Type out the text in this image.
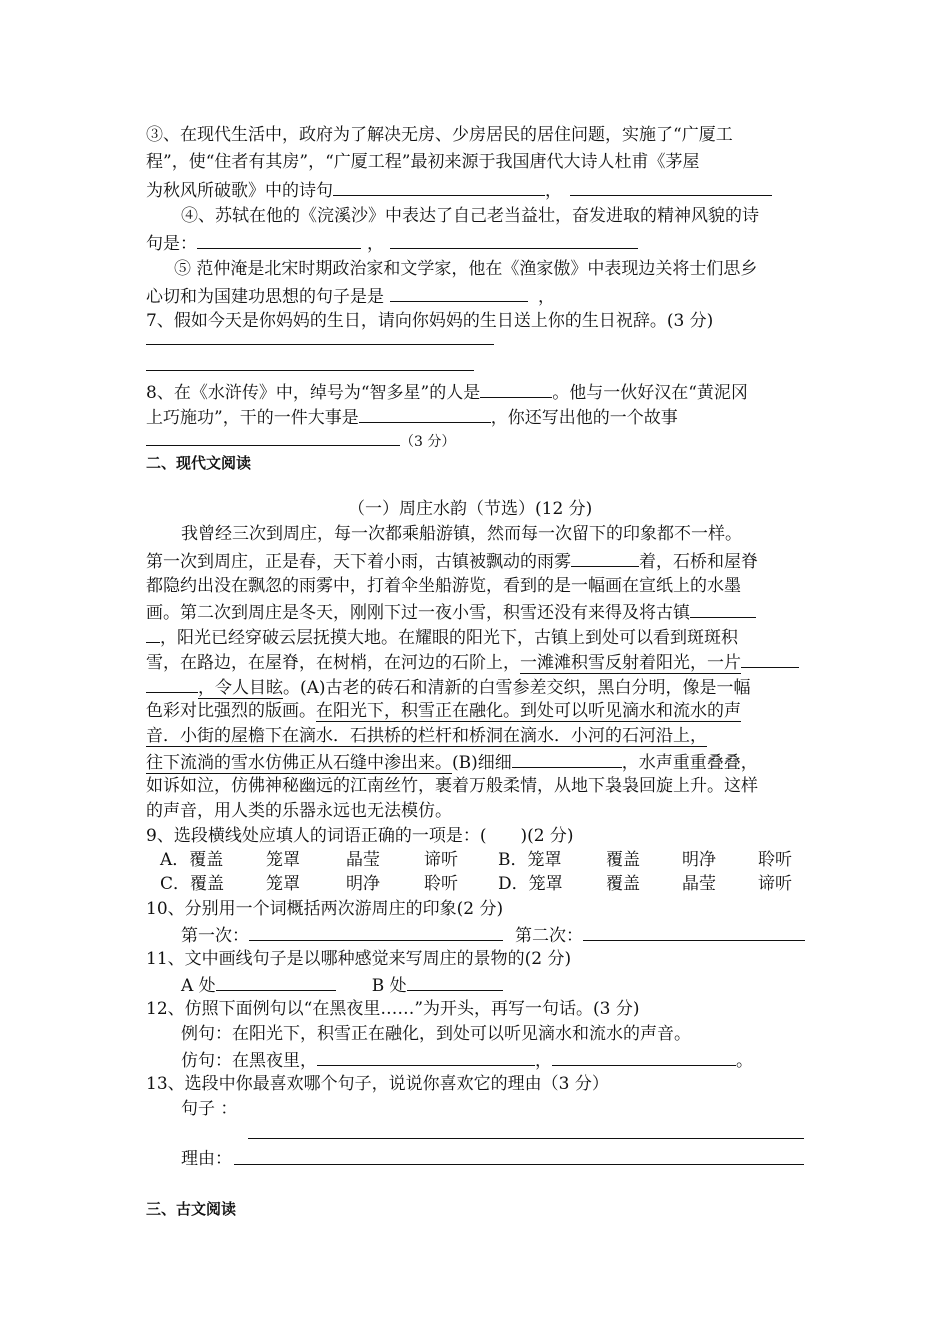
③、在现代生活中，政府为了解决无房、少房居民的居住问题，实施了“广厦工
程”，使“住者有其房”，“广厦工程”最初来源于我国唐代大诗人杜甫《茅屋
为秋风所破歌》中的诗句	，
④、苏轼在他的《浣溪沙》中表达了自己老当益壮，奋发进取的精神风貌的诗
句是：	，
⑤ 范仲淹是北宋时期政治家和文学家，他在《渔家傲》中表现边关将士们思乡
心切和为国建功思想的句子是是	，
7、假如今天是你妈妈的生日，请向你妈妈的生日送上你的生日祝辞。(3 分)
8、在《水浒传》中，绰号为“智多星”的人是	。他与一伙好汉在“黄泥冈
上巧施功”，干的一件大事是	，你还写出他的一个故事
（3 分）
二、现代文阅读
（一）周庄水韵（节选）(12 分)
我曾经三次到周庄，每一次都乘船游镇，然而每一次留下的印象都不一样。
第一次到周庄，正是春，天下着小雨，古镇被飘动的雨雾	着，石桥和屋脊
都隐约出没在飘忽的雨雾中，打着伞坐船游览，看到的是一幅画在宣纸上的水墨
画。第二次到周庄是冬天，刚刚下过一夜小雪，积雪还没有来得及将古镇
，阳光已经穿破云层抚摸大地。在耀眼的阳光下，古镇上到处可以看到斑斑积
雪，在路边，在屋脊，在树梢，在河边的石阶上，一滩滩积雪反射着阳光，一片
，令人目眩。(A)古老的砖石和清新的白雪参差交织，黑白分明，像是一幅
色彩对比强烈的版画。在阳光下，积雪正在融化。到处可以听见滴水和流水的声
音．小街的屋檐下在滴水．石拱桥的栏杆和桥洞在滴水．小河的石河沿上，
往下流淌的雪水仿佛正从石缝中渗出来。(B)细细	，水声重重叠叠，
如诉如泣，仿佛神秘幽远的江南丝竹，裹着万般柔情，从地下袅袅回旋上升。这样
的声音，用人类的乐器永远也无法模仿。
9、选段横线处应填人的词语正确的一项是：(　　)(2 分)
A．覆盖	笼罩	晶莹	谛听 B．笼罩	覆盖 明净 聆听
C．覆盖 笼罩	明净	聆听 D．笼罩	覆盖 晶莹 谛听
10、分别用一个词概括两次游周庄的印象(2 分)
第一次：	第二次：
11、文中画线句子是以哪种感觉来写周庄的景物的(2 分)
A 处	B 处
12、仿照下面例句以“在黑夜里……”为开头，再写一句话。(3 分)
例句：在阳光下，积雪正在融化，到处可以听见滴水和流水的声音。
仿句：在黑夜里，	，	。
13、选段中你最喜欢哪个句子，说说你喜欢它的理由（3 分）
句子 ：
理由：
三、古文阅读
